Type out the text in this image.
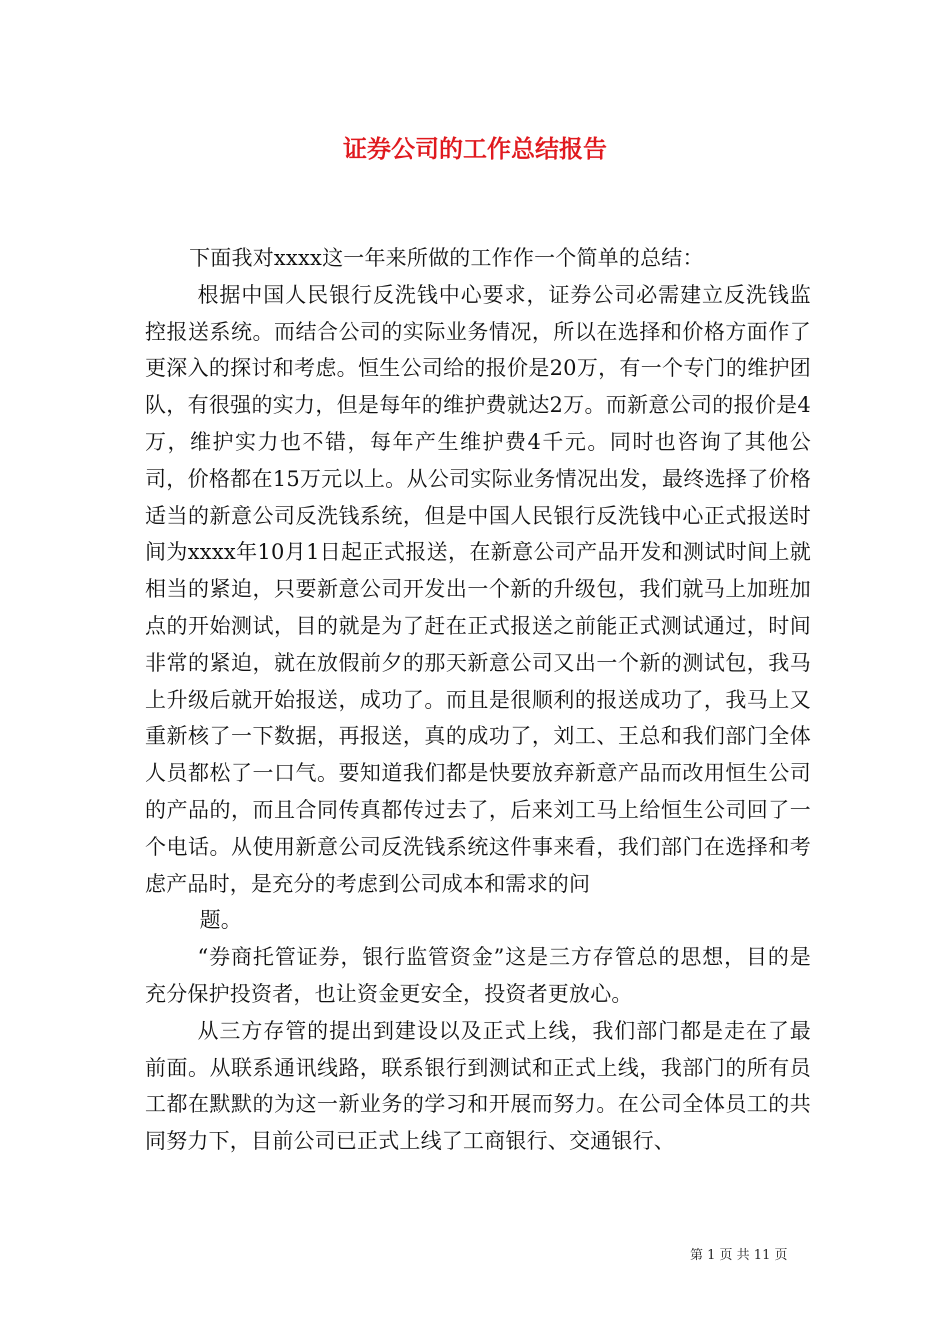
证券公司的工作总结报告

下面我对xxxx这一年来所做的工作作一个简单的总结：

根据中国人民银行反洗钱中心要求，证券公司必需建立反洗钱监控报送系统。而结合公司的实际业务情况，所以在选择和价格方面作了更深入的探讨和考虑。恒生公司给的报价是20万，有一个专门的维护团队，有很强的实力，但是每年的维护费就达2万。而新意公司的报价是4万，维护实力也不错，每年产生维护费4千元。同时也咨询了其他公司，价格都在15万元以上。从公司实际业务情况出发，最终选择了价格适当的新意公司反洗钱系统，但是中国人民银行反洗钱中心正式报送时间为xxxx年10月1日起正式报送，在新意公司产品开发和测试时间上就相当的紧迫，只要新意公司开发出一个新的升级包，我们就马上加班加点的开始测试，目的就是为了赶在正式报送之前能正式测试通过，时间非常的紧迫，就在放假前夕的那天新意公司又出一个新的测试包，我马上升级后就开始报送，成功了。而且是很顺利的报送成功了，我马上又重新核了一下数据，再报送，真的成功了，刘工、王总和我们部门全体人员都松了一口气。要知道我们都是快要放弃新意产品而改用恒生公司的产品的，而且合同传真都传过去了，后来刘工马上给恒生公司回了一个电话。从使用新意公司反洗钱系统这件事来看，我们部门在选择和考虑产品时，是充分的考虑到公司成本和需求的问

题。

“券商托管证券，银行监管资金”这是三方存管总的思想，目的是充分保护投资者，也让资金更安全，投资者更放心。

从三方存管的提出到建设以及正式上线，我们部门都是走在了最前面。从联系通讯线路，联系银行到测试和正式上线，我部门的所有员工都在默默的为这一新业务的学习和开展而努力。在公司全体员工的共同努力下，目前公司已正式上线了工商银行、交通银行、

第 1 页 共 11 页
